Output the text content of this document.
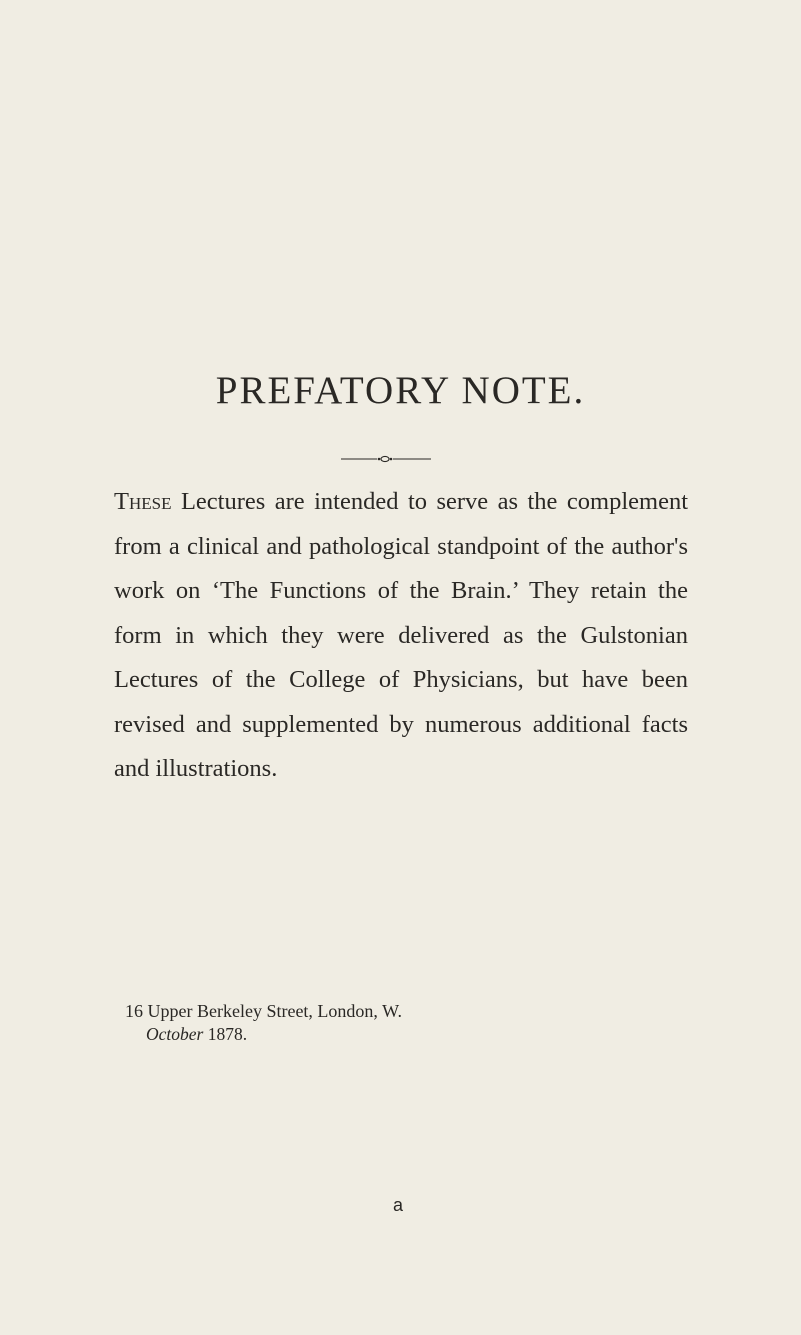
PREFATORY NOTE.

These Lectures are intended to serve as the complement from a clinical and pathological standpoint of the author's work on ‘The Functions of the Brain.’ They retain the form in which they were delivered as the Gulstonian Lectures of the College of Physicians, but have been revised and supplemented by numerous additional facts and illustrations.

16 Upper Berkeley Street, London, W.

October 1878.

a
